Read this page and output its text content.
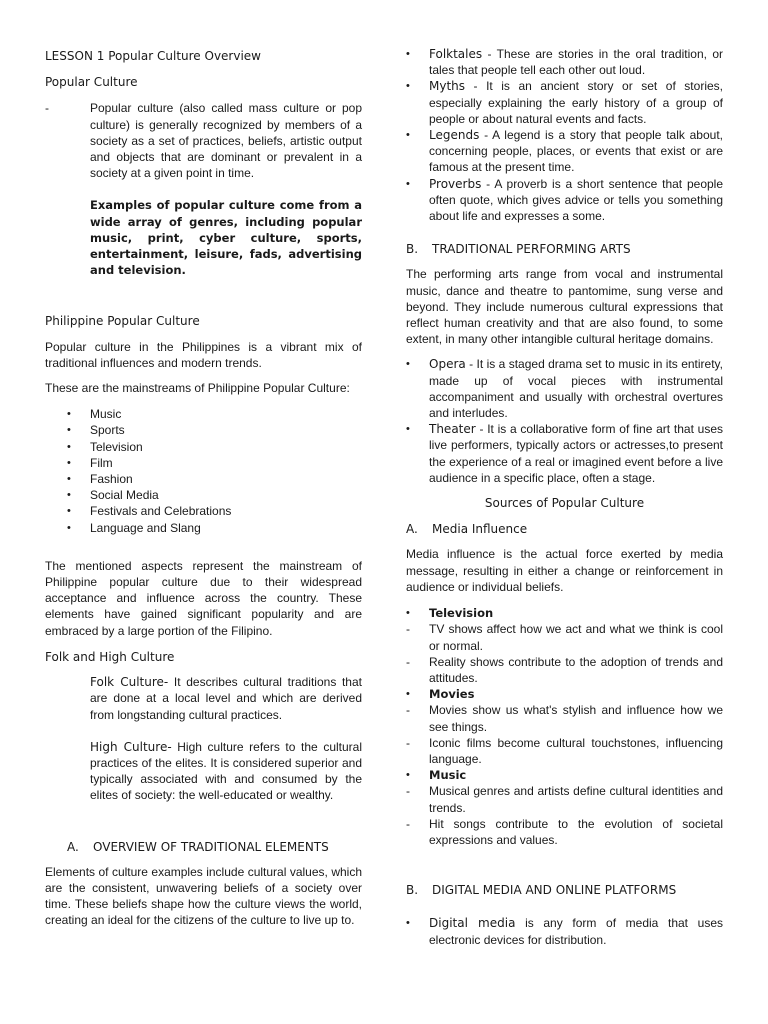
LESSON 1 Popular Culture Overview
Popular Culture
-	Popular culture (also called mass culture or pop culture) is generally recognized by members of a society as a set of practices, beliefs, artistic output and objects that are dominant or prevalent in a society at a given point in time.

Examples of popular culture come from a wide array of genres, including popular music, print, cyber culture, sports, entertainment, leisure, fads, advertising and television.

Philippine Popular Culture

Popular culture in the Philippines is a vibrant mix of traditional influences and modern trends.

These are the mainstreams of Philippine Popular Culture:

•	Music
•	Sports
•	Television
•	Film
•	Fashion
•	Social Media
•	Festivals and Celebrations
•	Language and Slang

The mentioned aspects represent the mainstream of Philippine popular culture due to their widespread acceptance and influence across the country. These elements have gained significant popularity and are embraced by a large portion of the Filipino.

Folk and High Culture

Folk Culture- It describes cultural traditions that are done at a local level and which are derived from longstanding cultural practices.

High Culture- High culture refers to the cultural practices of the elites. It is considered superior and typically associated with and consumed by the elites of society: the well-educated or wealthy.

A.	OVERVIEW OF TRADITIONAL ELEMENTS

Elements of culture examples include cultural values, which are the consistent, unwavering beliefs of a society over time. These beliefs shape how the culture views the world, creating an ideal for the citizens of the culture to live up to.

•	Folktales - These are stories in the oral tradition, or tales that people tell each other out loud.
•	Myths - It is an ancient story or set of stories, especially explaining the early history of a group of people or about natural events and facts.
•	Legends - A legend is a story that people talk about, concerning people, places, or events that exist or are famous at the present time.
•	Proverbs - A proverb is a short sentence that people often quote, which gives advice or tells you something about life and expresses a some.
B.	TRADITIONAL PERFORMING ARTS

The performing arts range from vocal and instrumental music, dance and theatre to pantomime, sung verse and beyond. They include numerous cultural expressions that reflect human creativity and that are also found, to some extent, in many other intangible cultural heritage domains.

•	Opera - It is a staged drama set to music in its entirety, made up of vocal pieces with instrumental accompaniment and usually with orchestral overtures and interludes.
•	Theater - It is a collaborative form of fine art that uses live performers, typically actors or actresses,to present the experience of a real or imagined event before a live audience in a specific place, often a stage.
Sources of Popular Culture
A.	Media Influence

Media influence is the actual force exerted by media message, resulting in either a change or reinforcement in audience or individual beliefs.

•	Television
-	TV shows affect how we act and what we think is cool or normal.
-	Reality shows contribute to the adoption of trends and attitudes.
•	Movies
-	Movies show us what's stylish and influence how we see things.
-	Iconic films become cultural touchstones, influencing language.
•	Music
-	Musical genres and artists define cultural identities and trends.
-	Hit songs contribute to the evolution of societal expressions and values.
B.	DIGITAL MEDIA AND ONLINE PLATFORMS
•	Digital media is any form of media that uses electronic devices for distribution.
